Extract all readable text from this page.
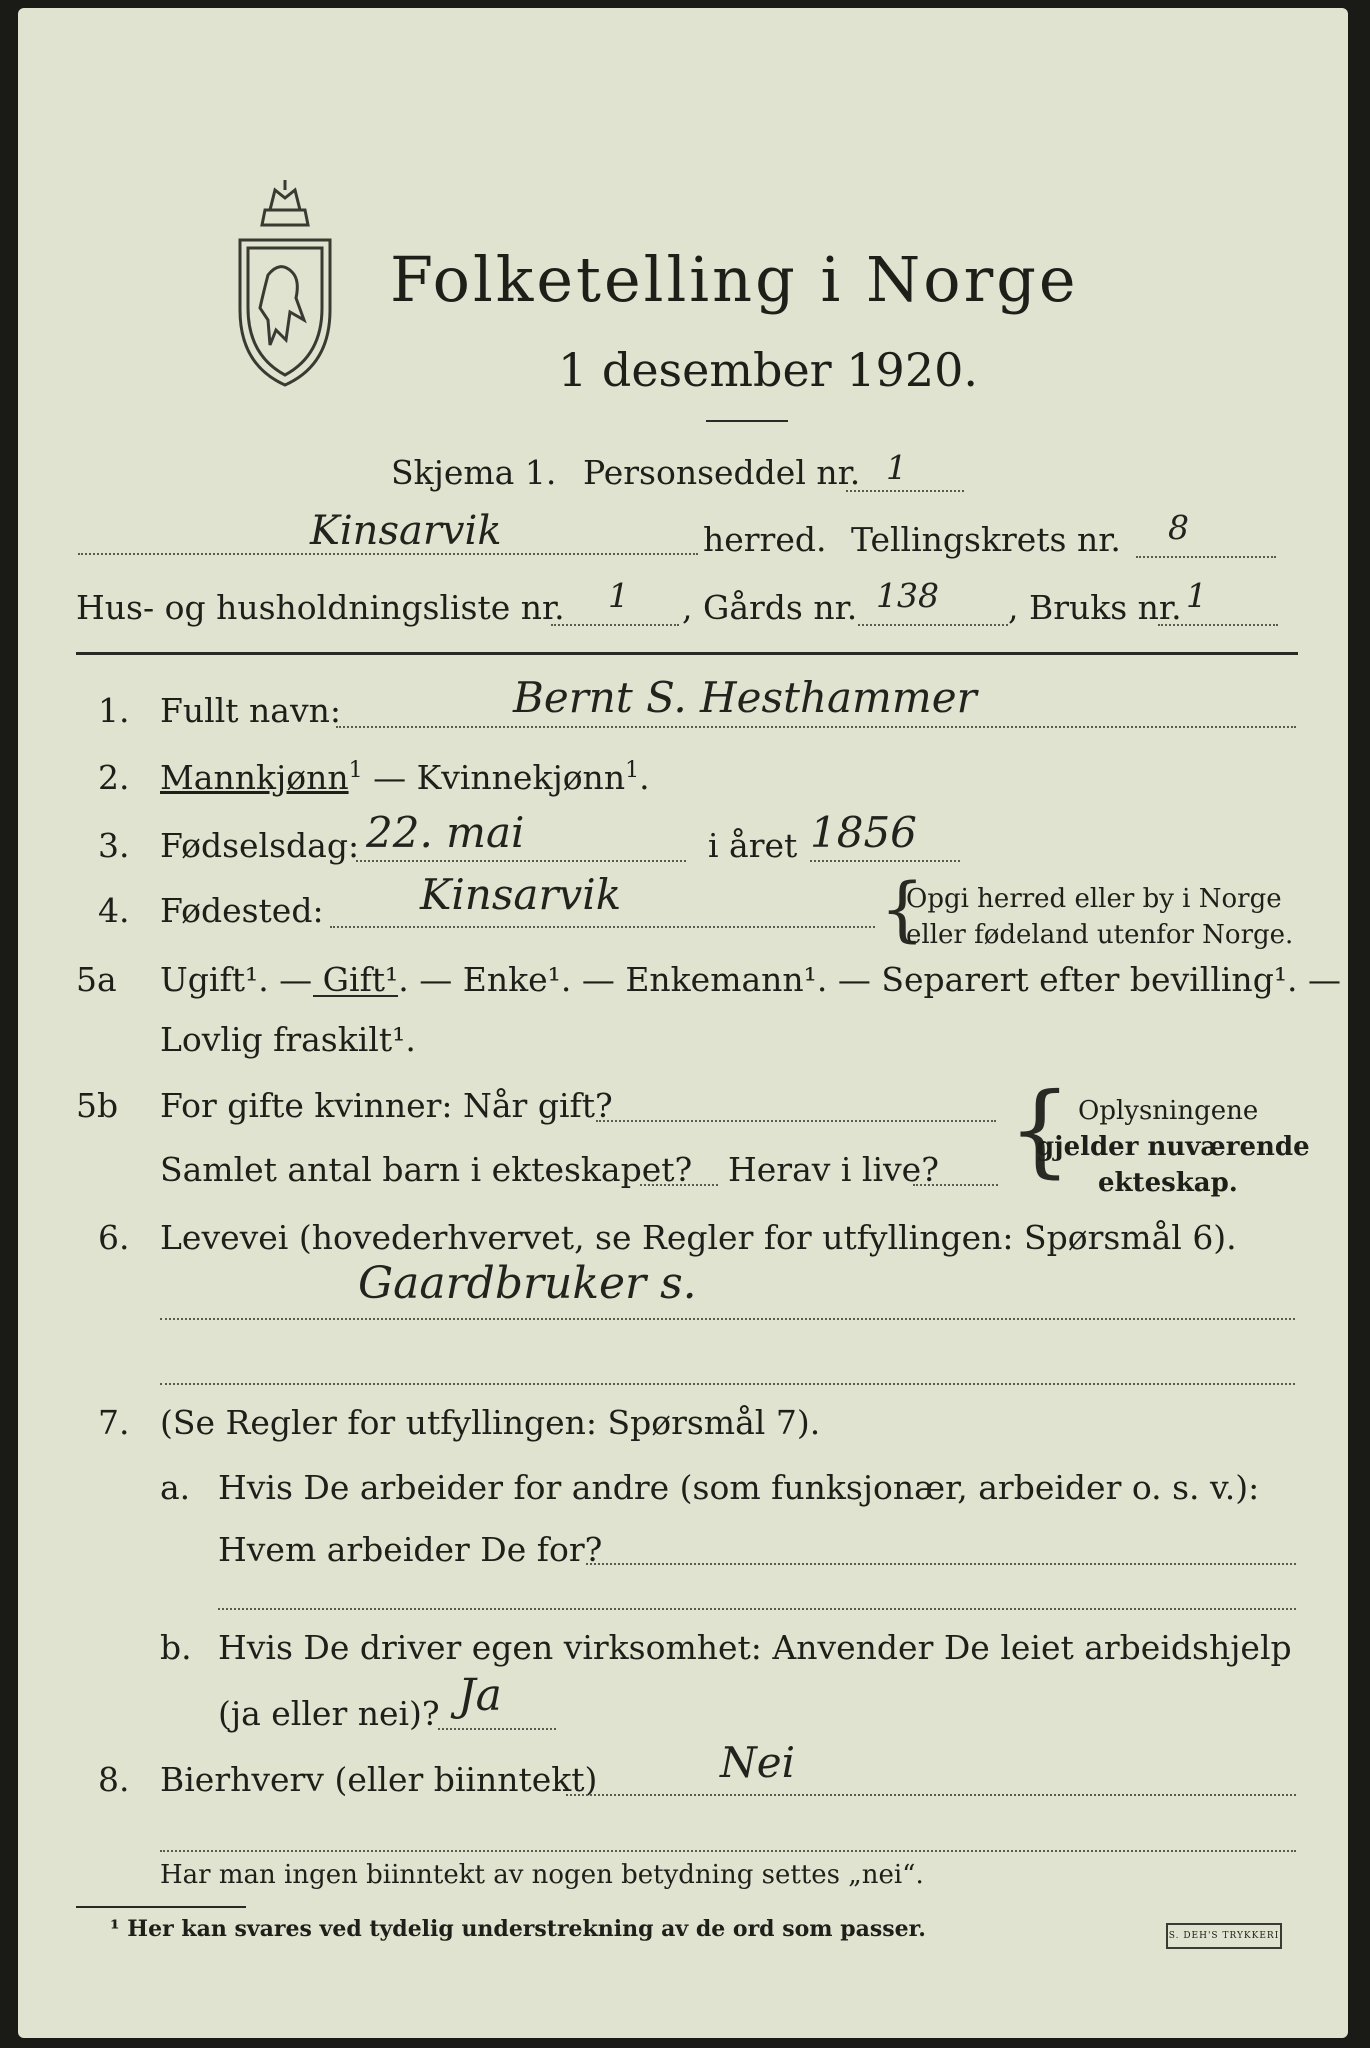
Folketelling i Norge
1 desember 1920.
Skjema 1. Personseddel nr. 1
Kinsarvik	herred. Tellingskrets nr. 8
Hus- og husholdningsliste nr. 1 , Gårds nr. 138 , Bruks nr. 1
1. Fullt navn:	Bernt S. Hesthammer
2. Mannkjønn$^1$ — Kvinnekjønn$^1$.
3. Fødselsdag: 22. mai	i året 1856
4. Fødested: Kinsarvik	{
Opgi herred eller by i Norge
eller fødeland utenfor Norge.
5a Ugift¹. — Gift¹. — Enke¹. — Enkemann¹. — Separert efter bevilling¹. —
Lovlig fraskilt¹.
5b For gifte kvinner: Når gift?
Samlet antal barn i ekteskapet? Herav i live? { Oplysningene
gjelder nuværende
ekteskap.
6. Levevei (hovederhvervet, se Regler for utfyllingen: Spørsmål 6).
Gaardbruker s.
7. (Se Regler for utfyllingen: Spørsmål 7).
a. Hvis De arbeider for andre (som funksjonær, arbeider o. s. v.):
Hvem arbeider De for?
b. Hvis De driver egen virksomhet: Anvender De leiet arbeidshjelp
(ja eller nei)? Ja
8. Bierhverv (eller biinntekt)	Nei
Har man ingen biinntekt av nogen betydning settes „nei“.
¹ Her kan svares ved tydelig understrekning av de ord som passer.	S. DEH'S TRYKKERI
